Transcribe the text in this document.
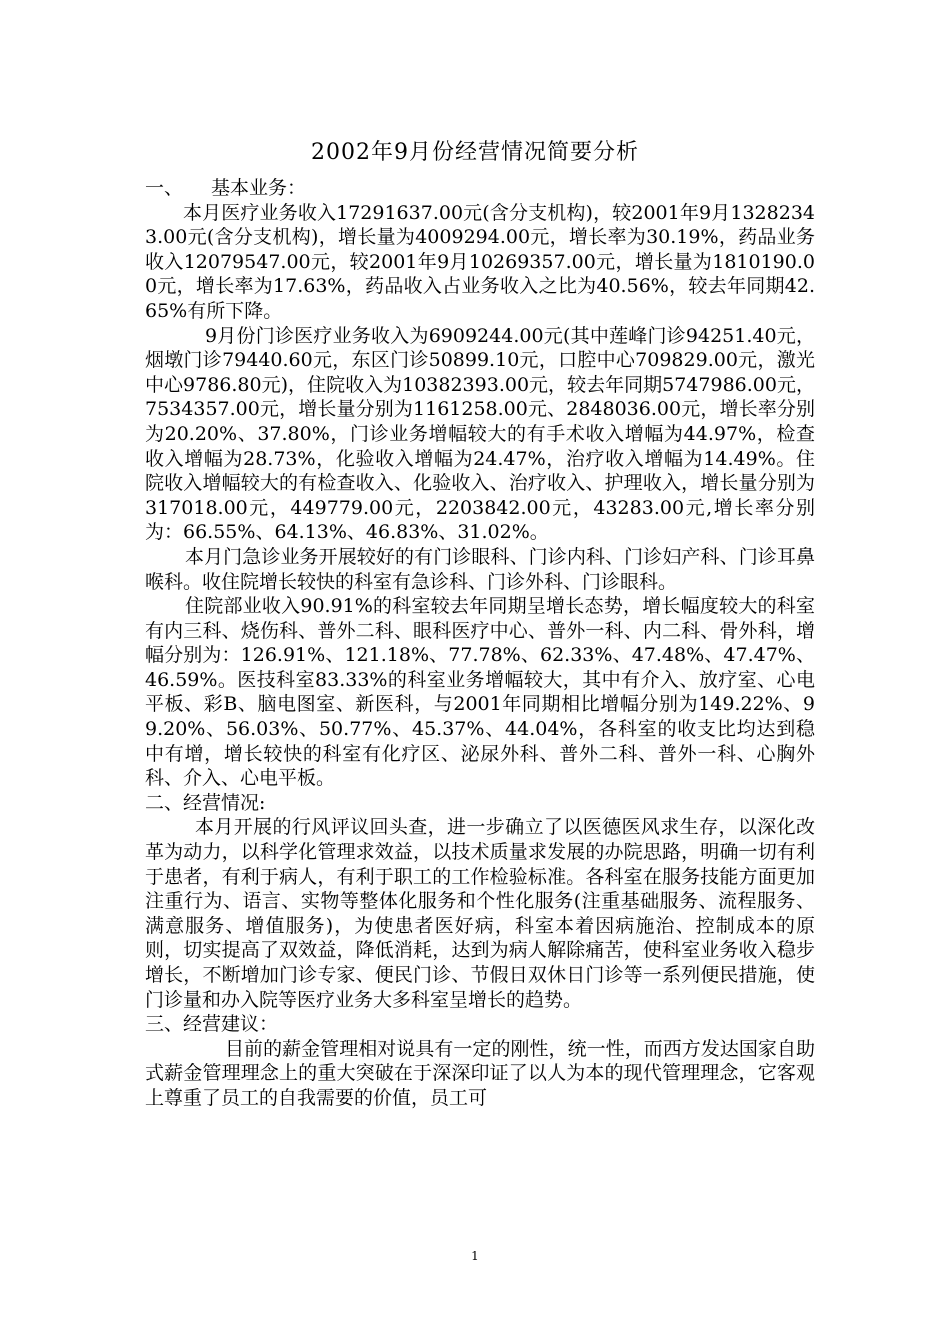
2002年9月份经营情况简要分析
一、 基本业务：

本月医疗业务收入17291637.00元(含分支机构)，较2001年9月13282343.00元(含分支机构)，增长量为4009294.00元，增长率为30.19%，药品业务收入12079547.00元，较2001年9月10269357.00元，增长量为1810190.00元，增长率为17.63%，药品收入占业务收入之比为40.56%，较去年同期42.65%有所下降。

9月份门诊医疗业务收入为6909244.00元(其中莲峰门诊94251.40元，烟墩门诊79440.60元，东区门诊50899.10元，口腔中心709829.00元，激光中心9786.80元)，住院收入为10382393.00元，较去年同期5747986.00元，7534357.00元，增长量分别为1161258.00元、2848036.00元，增长率分别为20.20%、37.80%，门诊业务增幅较大的有手术收入增幅为44.97%，检查收入增幅为28.73%，化验收入增幅为24.47%，治疗收入增幅为14.49%。住院收入增幅较大的有检查收入、化验收入、治疗收入、护理收入，增长量分别为317018.00元，449779.00元，2203842.00元，43283.00元,增长率分别为：66.55%、64.13%、46.83%、31.02%。

本月门急诊业务开展较好的有门诊眼科、门诊内科、门诊妇产科、门诊耳鼻喉科。收住院增长较快的科室有急诊科、门诊外科、门诊眼科。

住院部业收入90.91%的科室较去年同期呈增长态势，增长幅度较大的科室有内三科、烧伤科、普外二科、眼科医疗中心、普外一科、内二科、骨外科，增幅分别为：126.91%、121.18%、77.78%、62.33%、47.48%、47.47%、46.59%。医技科室83.33%的科室业务增幅较大，其中有介入、放疗室、心电平板、彩B、脑电图室、新医科，与2001年同期相比增幅分别为149.22%、99.20%、56.03%、50.77%、45.37%、44.04%，各科室的收支比均达到稳中有增，增长较快的科室有化疗区、泌尿外科、普外二科、普外一科、心胸外科、介入、心电平板。

二、经营情况:

本月开展的行风评议回头查，进一步确立了以医德医风求生存，以深化改革为动力，以科学化管理求效益，以技术质量求发展的办院思路，明确一切有利于患者，有利于病人，有利于职工的工作检验标准。各科室在服务技能方面更加注重行为、语言、实物等整体化服务和个性化服务(注重基础服务、流程服务、满意服务、增值服务)，为使患者医好病，科室本着因病施治、控制成本的原则，切实提高了双效益，降低消耗，达到为病人解除痛苦，使科室业务收入稳步增长，不断增加门诊专家、便民门诊、节假日双休日门诊等一系列便民措施，使门诊量和办入院等医疗业务大多科室呈增长的趋势。

三、经营建议：

目前的薪金管理相对说具有一定的刚性，统一性，而西方发达国家自助式薪金管理理念上的重大突破在于深深印证了以人为本的现代管理理念，它客观上尊重了员工的自我需要的价值，员工可

1
